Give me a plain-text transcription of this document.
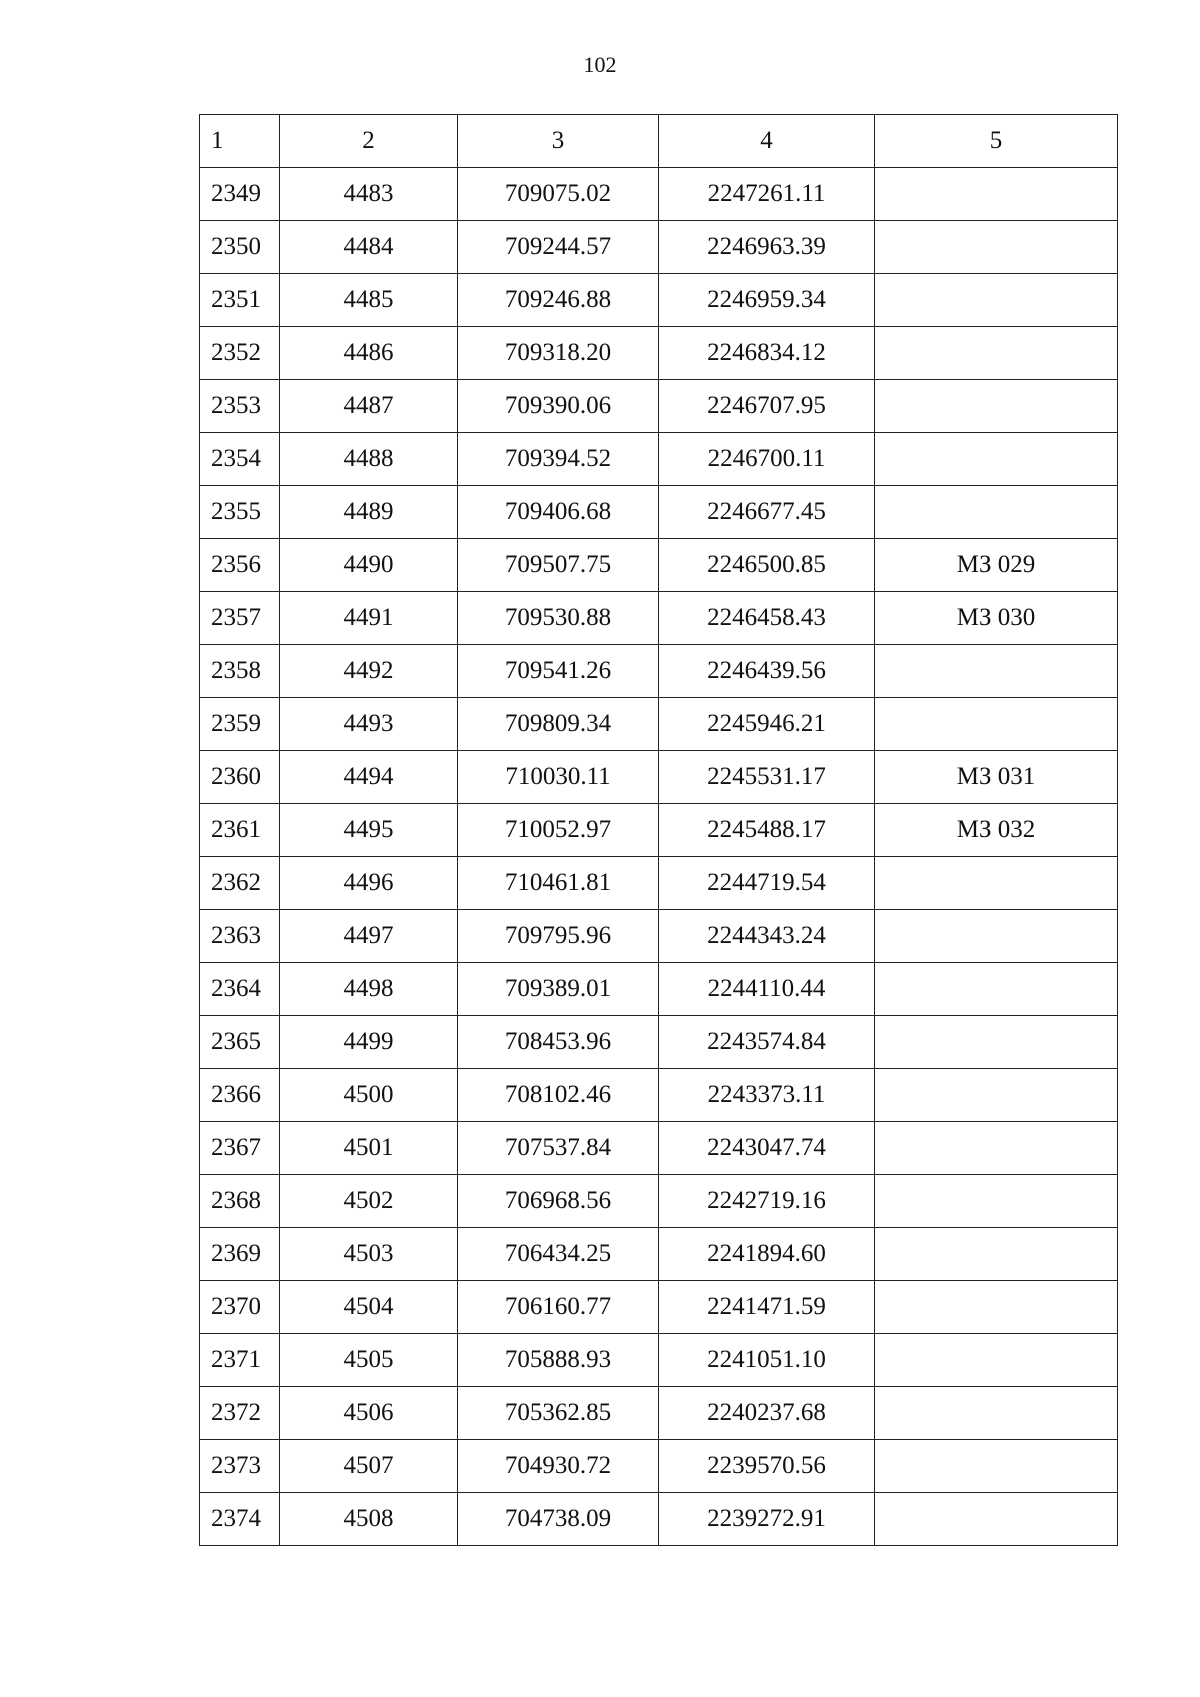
102
1	2	3	4	5
2349	4483	709075.02	2247261.11	
2350	4484	709244.57	2246963.39	
2351	4485	709246.88	2246959.34	
2352	4486	709318.20	2246834.12	
2353	4487	709390.06	2246707.95	
2354	4488	709394.52	2246700.11	
2355	4489	709406.68	2246677.45	
2356	4490	709507.75	2246500.85	МЗ 029
2357	4491	709530.88	2246458.43	МЗ 030
2358	4492	709541.26	2246439.56	
2359	4493	709809.34	2245946.21	
2360	4494	710030.11	2245531.17	МЗ 031
2361	4495	710052.97	2245488.17	МЗ 032
2362	4496	710461.81	2244719.54	
2363	4497	709795.96	2244343.24	
2364	4498	709389.01	2244110.44	
2365	4499	708453.96	2243574.84	
2366	4500	708102.46	2243373.11	
2367	4501	707537.84	2243047.74	
2368	4502	706968.56	2242719.16	
2369	4503	706434.25	2241894.60	
2370	4504	706160.77	2241471.59	
2371	4505	705888.93	2241051.10	
2372	4506	705362.85	2240237.68	
2373	4507	704930.72	2239570.56	
2374	4508	704738.09	2239272.91	
